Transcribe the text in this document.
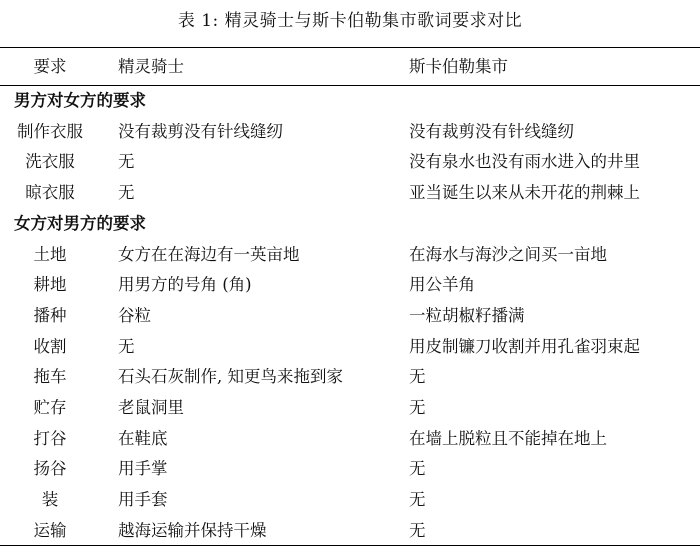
表 1: 精灵骑士与斯卡伯勒集市歌词要求对比
要求	精灵骑士	斯卡伯勒集市
男方对女方的要求
制作衣服	没有裁剪没有针线缝纫	没有裁剪没有针线缝纫
洗衣服	无	没有泉水也没有雨水进入的井里
晾衣服	无	亚当诞生以来从未开花的荆棘上
女方对男方的要求
土地	女方在在海边有一英亩地	在海水与海沙之间买一亩地
耕地	用男方的号角 (角)	用公羊角
播种	谷粒	一粒胡椒籽播满
收割	无	用皮制镰刀收割并用孔雀羽束起
拖车	石头石灰制作, 知更鸟来拖到家	无
贮存	老鼠洞里	无
打谷	在鞋底	在墙上脱粒且不能掉在地上
扬谷	用手掌	无
装	用手套	无
运输	越海运输并保持干燥	无
